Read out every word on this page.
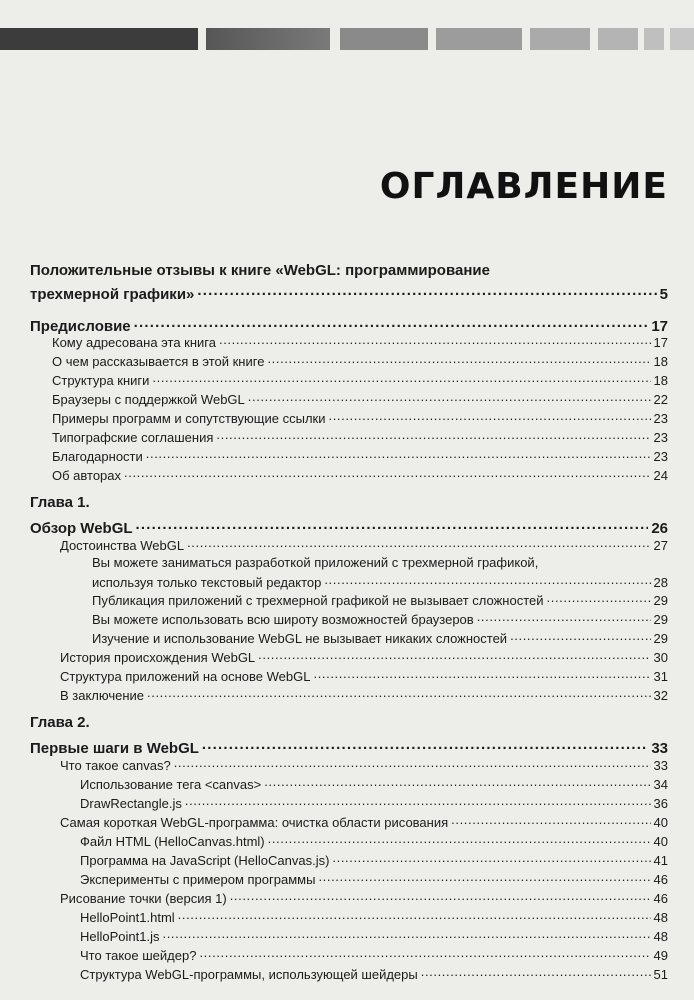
ОГЛАВЛЕНИЕ
Положительные отзывы к книге «WebGL: программирование
трехмерной графики» .....	5
Предисловие .....	17
Кому адресована эта книга .....	17
О чем рассказывается в этой книге .....	18
Структура книги .....	18
Браузеры с поддержкой WebGL .....	22
Примеры программ и сопутствующие ссылки .....	23
Типографские соглашения .....	23
Благодарности .....	23
Об авторах .....	24
Глава 1.
Обзор WebGL .....	26
Достоинства WebGL .....	27
Вы можете заниматься разработкой приложений с трехмерной графикой,
используя только текстовый редактор .....	28
Публикация приложений с трехмерной графикой не вызывает сложностей .....	29
Вы можете использовать всю широту возможностей браузеров .....	29
Изучение и использование WebGL не вызывает никаких сложностей .....	29
История происхождения WebGL .....	30
Структура приложений на основе WebGL .....	31
В заключение .....	32
Глава 2.
Первые шаги в WebGL .....	33
Что такое canvas? .....	33
Использование тега <canvas> .....	34
DrawRectangle.js .....	36
Самая короткая WebGL-программа: очистка области рисования .....	40
Файл HTML (HelloCanvas.html) .....	40
Программа на JavaScript (HelloCanvas.js) .....	41
Эксперименты с примером программы .....	46
Рисование точки (версия 1) .....	46
HelloPoint1.html .....	48
HelloPoint1.js .....	48
Что такое шейдер? .....	49
Структура WebGL-программы, использующей шейдеры .....	51
